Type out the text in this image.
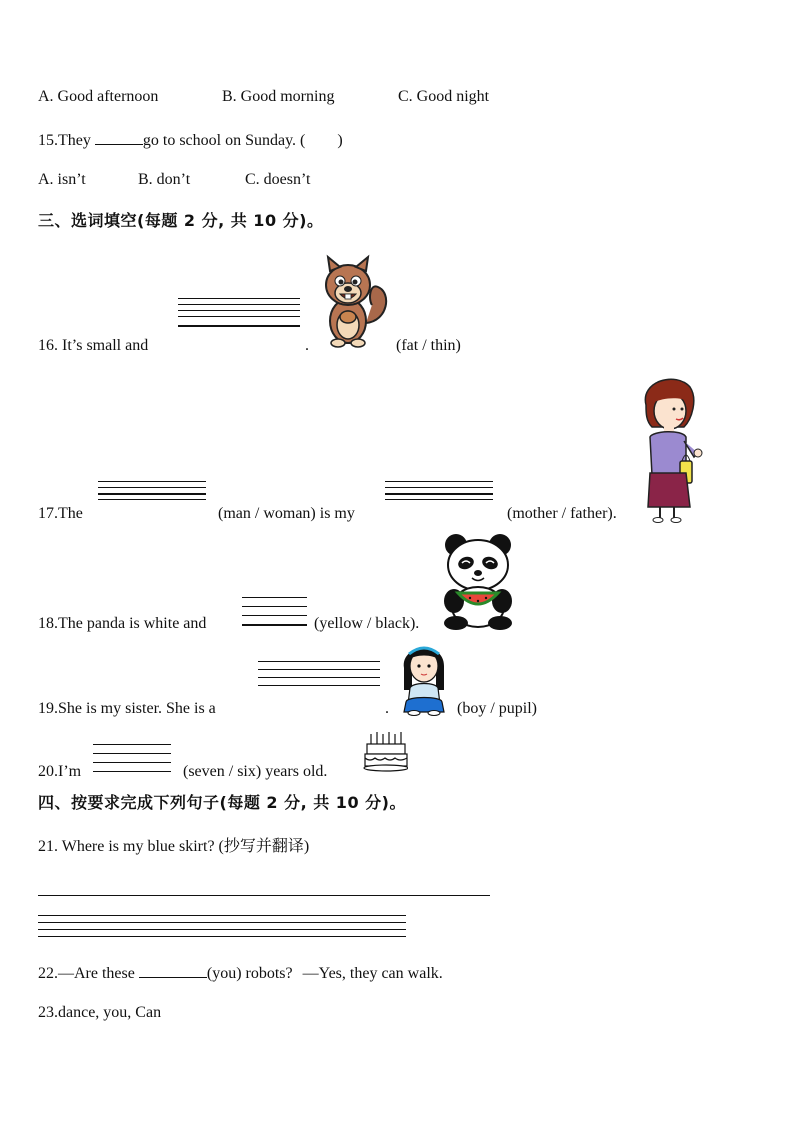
A. Good afternoon	B. Good morning	C. Good night
15.They	go to school on Sunday. ( )
A. isn’t	B. don’t	C. doesn’t
三、选词填空(每题 2 分, 共 10 分)。
16. It’s small and	.	(fat / thin)
17.The	(man / woman) is my	(mother / father).
18.The panda is white and	(yellow / black).
19.She is my sister. She is a	.	(boy / pupil)
20.I’m	(seven / six) years old.
四、按要求完成下列句子(每题 2 分, 共 10 分)。
21. Where is my blue skirt? (抄写并翻译)
22.—Are these	(you) robots? —Yes, they can walk.
23.dance, you, Can
